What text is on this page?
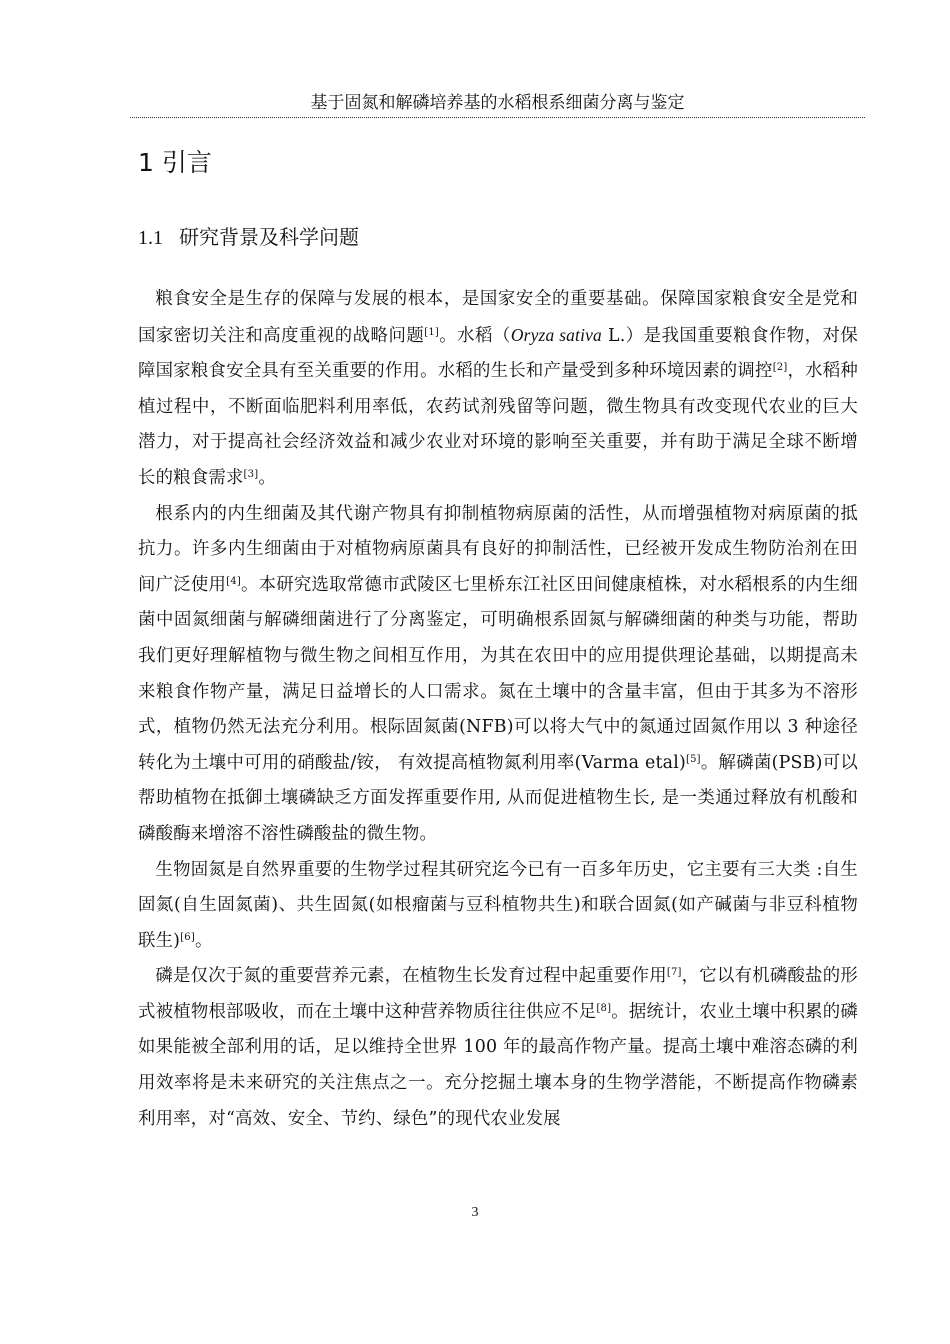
基于固氮和解磷培养基的水稻根系细菌分离与鉴定
1 引言
1.1 研究背景及科学问题

粮食安全是生存的保障与发展的根本，是国家安全的重要基础。保障国家粮食安全是党和国家密切关注和高度重视的战略问题[1]。水稻（Oryza sativa L.）是我国重要粮食作物，对保障国家粮食安全具有至关重要的作用。水稻的生长和产量受到多种环境因素的调控[2]，水稻种植过程中，不断面临肥料利用率低，农药试剂残留等问题，微生物具有改变现代农业的巨大潜力，对于提高社会经济效益和减少农业对环境的影响至关重要，并有助于满足全球不断增长的粮食需求[3]。

根系内的内生细菌及其代谢产物具有抑制植物病原菌的活性，从而增强植物对病原菌的抵抗力。许多内生细菌由于对植物病原菌具有良好的抑制活性，已经被开发成生物防治剂在田间广泛使用[4]。本研究选取常德市武陵区七里桥东江社区田间健康植株，对水稻根系的内生细菌中固氮细菌与解磷细菌进行了分离鉴定，可明确根系固氮与解磷细菌的种类与功能，帮助我们更好理解植物与微生物之间相互作用，为其在农田中的应用提供理论基础，以期提高未来粮食作物产量，满足日益增长的人口需求。氮在土壤中的含量丰富，但由于其多为不溶形式，植物仍然无法充分利用。根际固氮菌(NFB)可以将大气中的氮通过固氮作用以 3 种途径转化为土壤中可用的硝酸盐/铵， 有效提高植物氮利用率(Varma etal)[5]。解磷菌(PSB)可以帮助植物在抵御土壤磷缺乏方面发挥重要作用, 从而促进植物生长, 是一类通过释放有机酸和磷酸酶来增溶不溶性磷酸盐的微生物。

生物固氮是自然界重要的生物学过程其研究迄今已有一百多年历史，它主要有三大类 :自生固氮(自生固氮菌)、共生固氮(如根瘤菌与豆科植物共生)和联合固氮(如产碱菌与非豆科植物联生)[6]。

磷是仅次于氮的重要营养元素，在植物生长发育过程中起重要作用[7]，它以有机磷酸盐的形式被植物根部吸收，而在土壤中这种营养物质往往供应不足[8]。据统计，农业土壤中积累的磷如果能被全部利用的话，足以维持全世界 100 年的最高作物产量。提高土壤中难溶态磷的利用效率将是未来研究的关注焦点之一。充分挖掘土壤本身的生物学潜能，不断提高作物磷素利用率，对“高效、安全、节约、绿色”的现代农业发展

3
